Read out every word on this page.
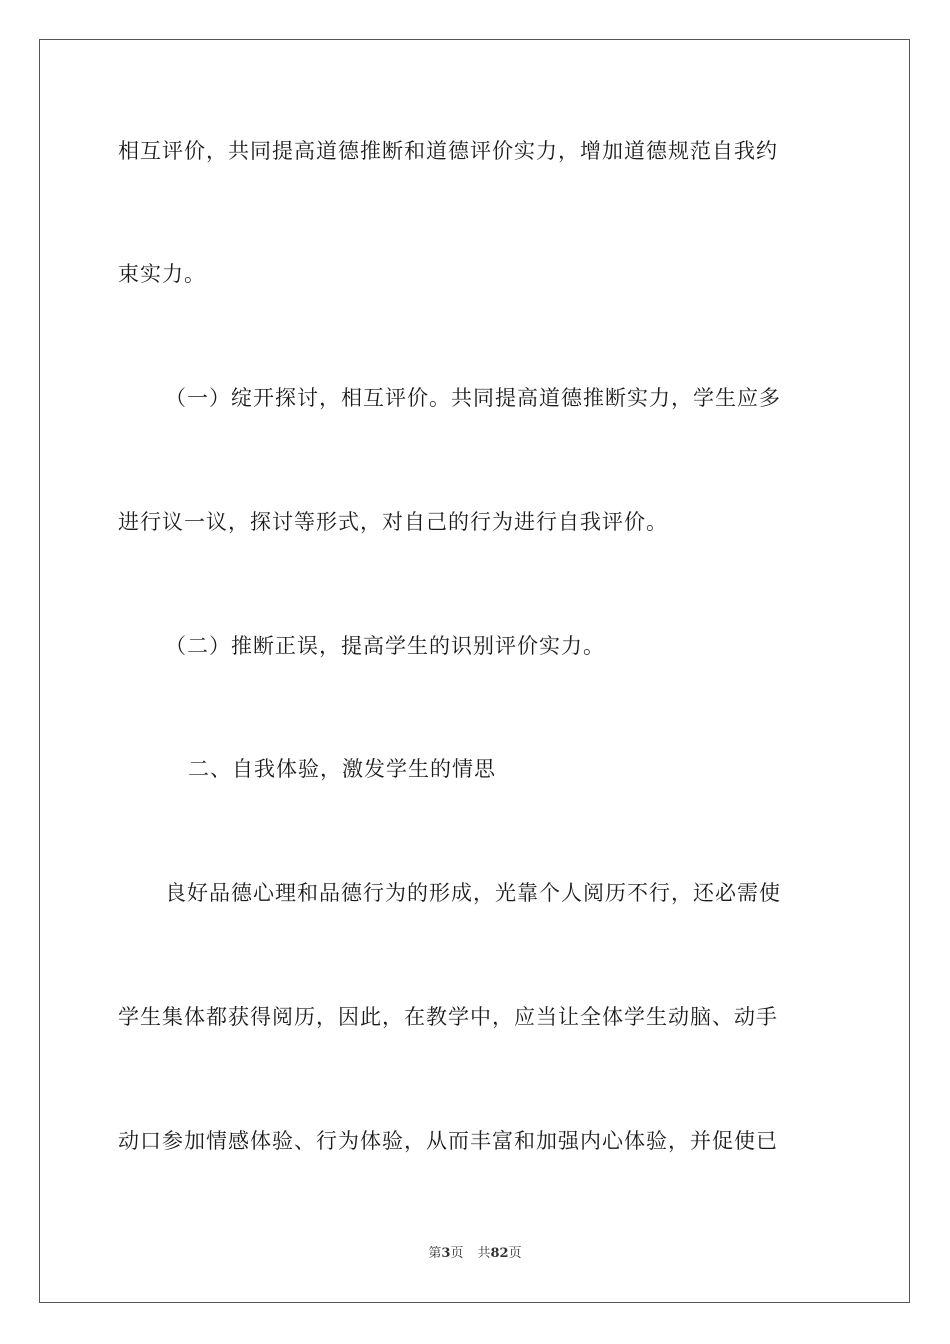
相互评价，共同提高道德推断和道德评价实力，增加道德规范自我约
束实力。
（一）绽开探讨，相互评价。共同提高道德推断实力，学生应多
进行议一议，探讨等形式，对自己的行为进行自我评价。
（二）推断正误，提高学生的识别评价实力。
二、自我体验，激发学生的情思
良好品德心理和品德行为的形成，光靠个人阅历不行，还必需使
学生集体都获得阅历，因此，在教学中，应当让全体学生动脑、动手
动口参加情感体验、行为体验，从而丰富和加强内心体验，并促使已
第3页 共82页
